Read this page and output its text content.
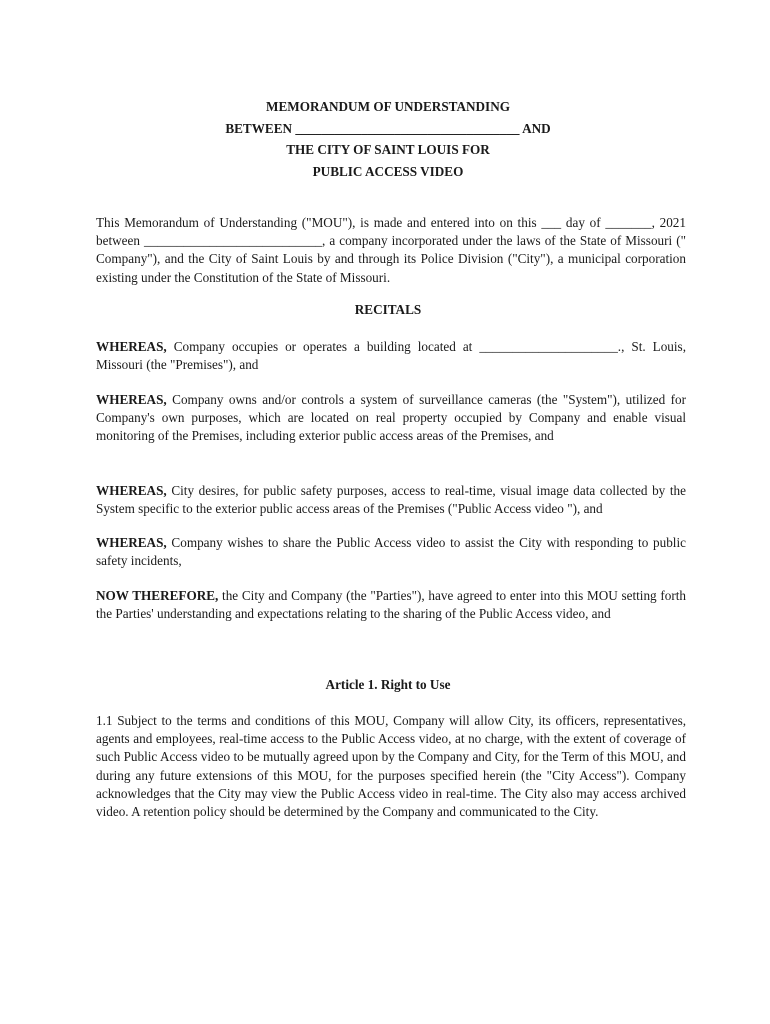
MEMORANDUM OF UNDERSTANDING
BETWEEN __________________________________ AND
THE CITY OF SAINT LOUIS FOR
PUBLIC ACCESS VIDEO
This Memorandum of Understanding ("MOU"), is made and entered into on this ___ day of _______, 2021 between ___________________________, a company incorporated under the laws of the State of Missouri (" Company"), and the City of Saint Louis by and through its Police Division ("City"), a municipal corporation existing under the Constitution of the State of Missouri.
RECITALS
WHEREAS, Company occupies or operates a building located at _____________________., St. Louis, Missouri (the "Premises"), and
WHEREAS, Company owns and/or controls a system of surveillance cameras (the "System"), utilized for Company's own purposes, which are located on real property occupied by Company and enable visual monitoring of the Premises, including exterior public access areas of the Premises, and
WHEREAS, City desires, for public safety purposes, access to real-time, visual image data collected by the System specific to the exterior public access areas of the Premises ("Public Access video "), and
WHEREAS, Company wishes to share the Public Access video to assist the City with responding to public safety incidents,
NOW THEREFORE, the City and Company (the "Parties"), have agreed to enter into this MOU setting forth the Parties' understanding and expectations relating to the sharing of the Public Access video, and
Article 1. Right to Use
1.1 Subject to the terms and conditions of this MOU, Company will allow City, its officers, representatives, agents and employees, real-time access to the Public Access video, at no charge, with the extent of coverage of such Public Access video to be mutually agreed upon by the Company and City, for the Term of this MOU, and during any future extensions of this MOU, for the purposes specified herein (the "City Access"). Company acknowledges that the City may view the Public Access video in real-time. The City also may access archived video. A retention policy should be determined by the Company and communicated to the City.
